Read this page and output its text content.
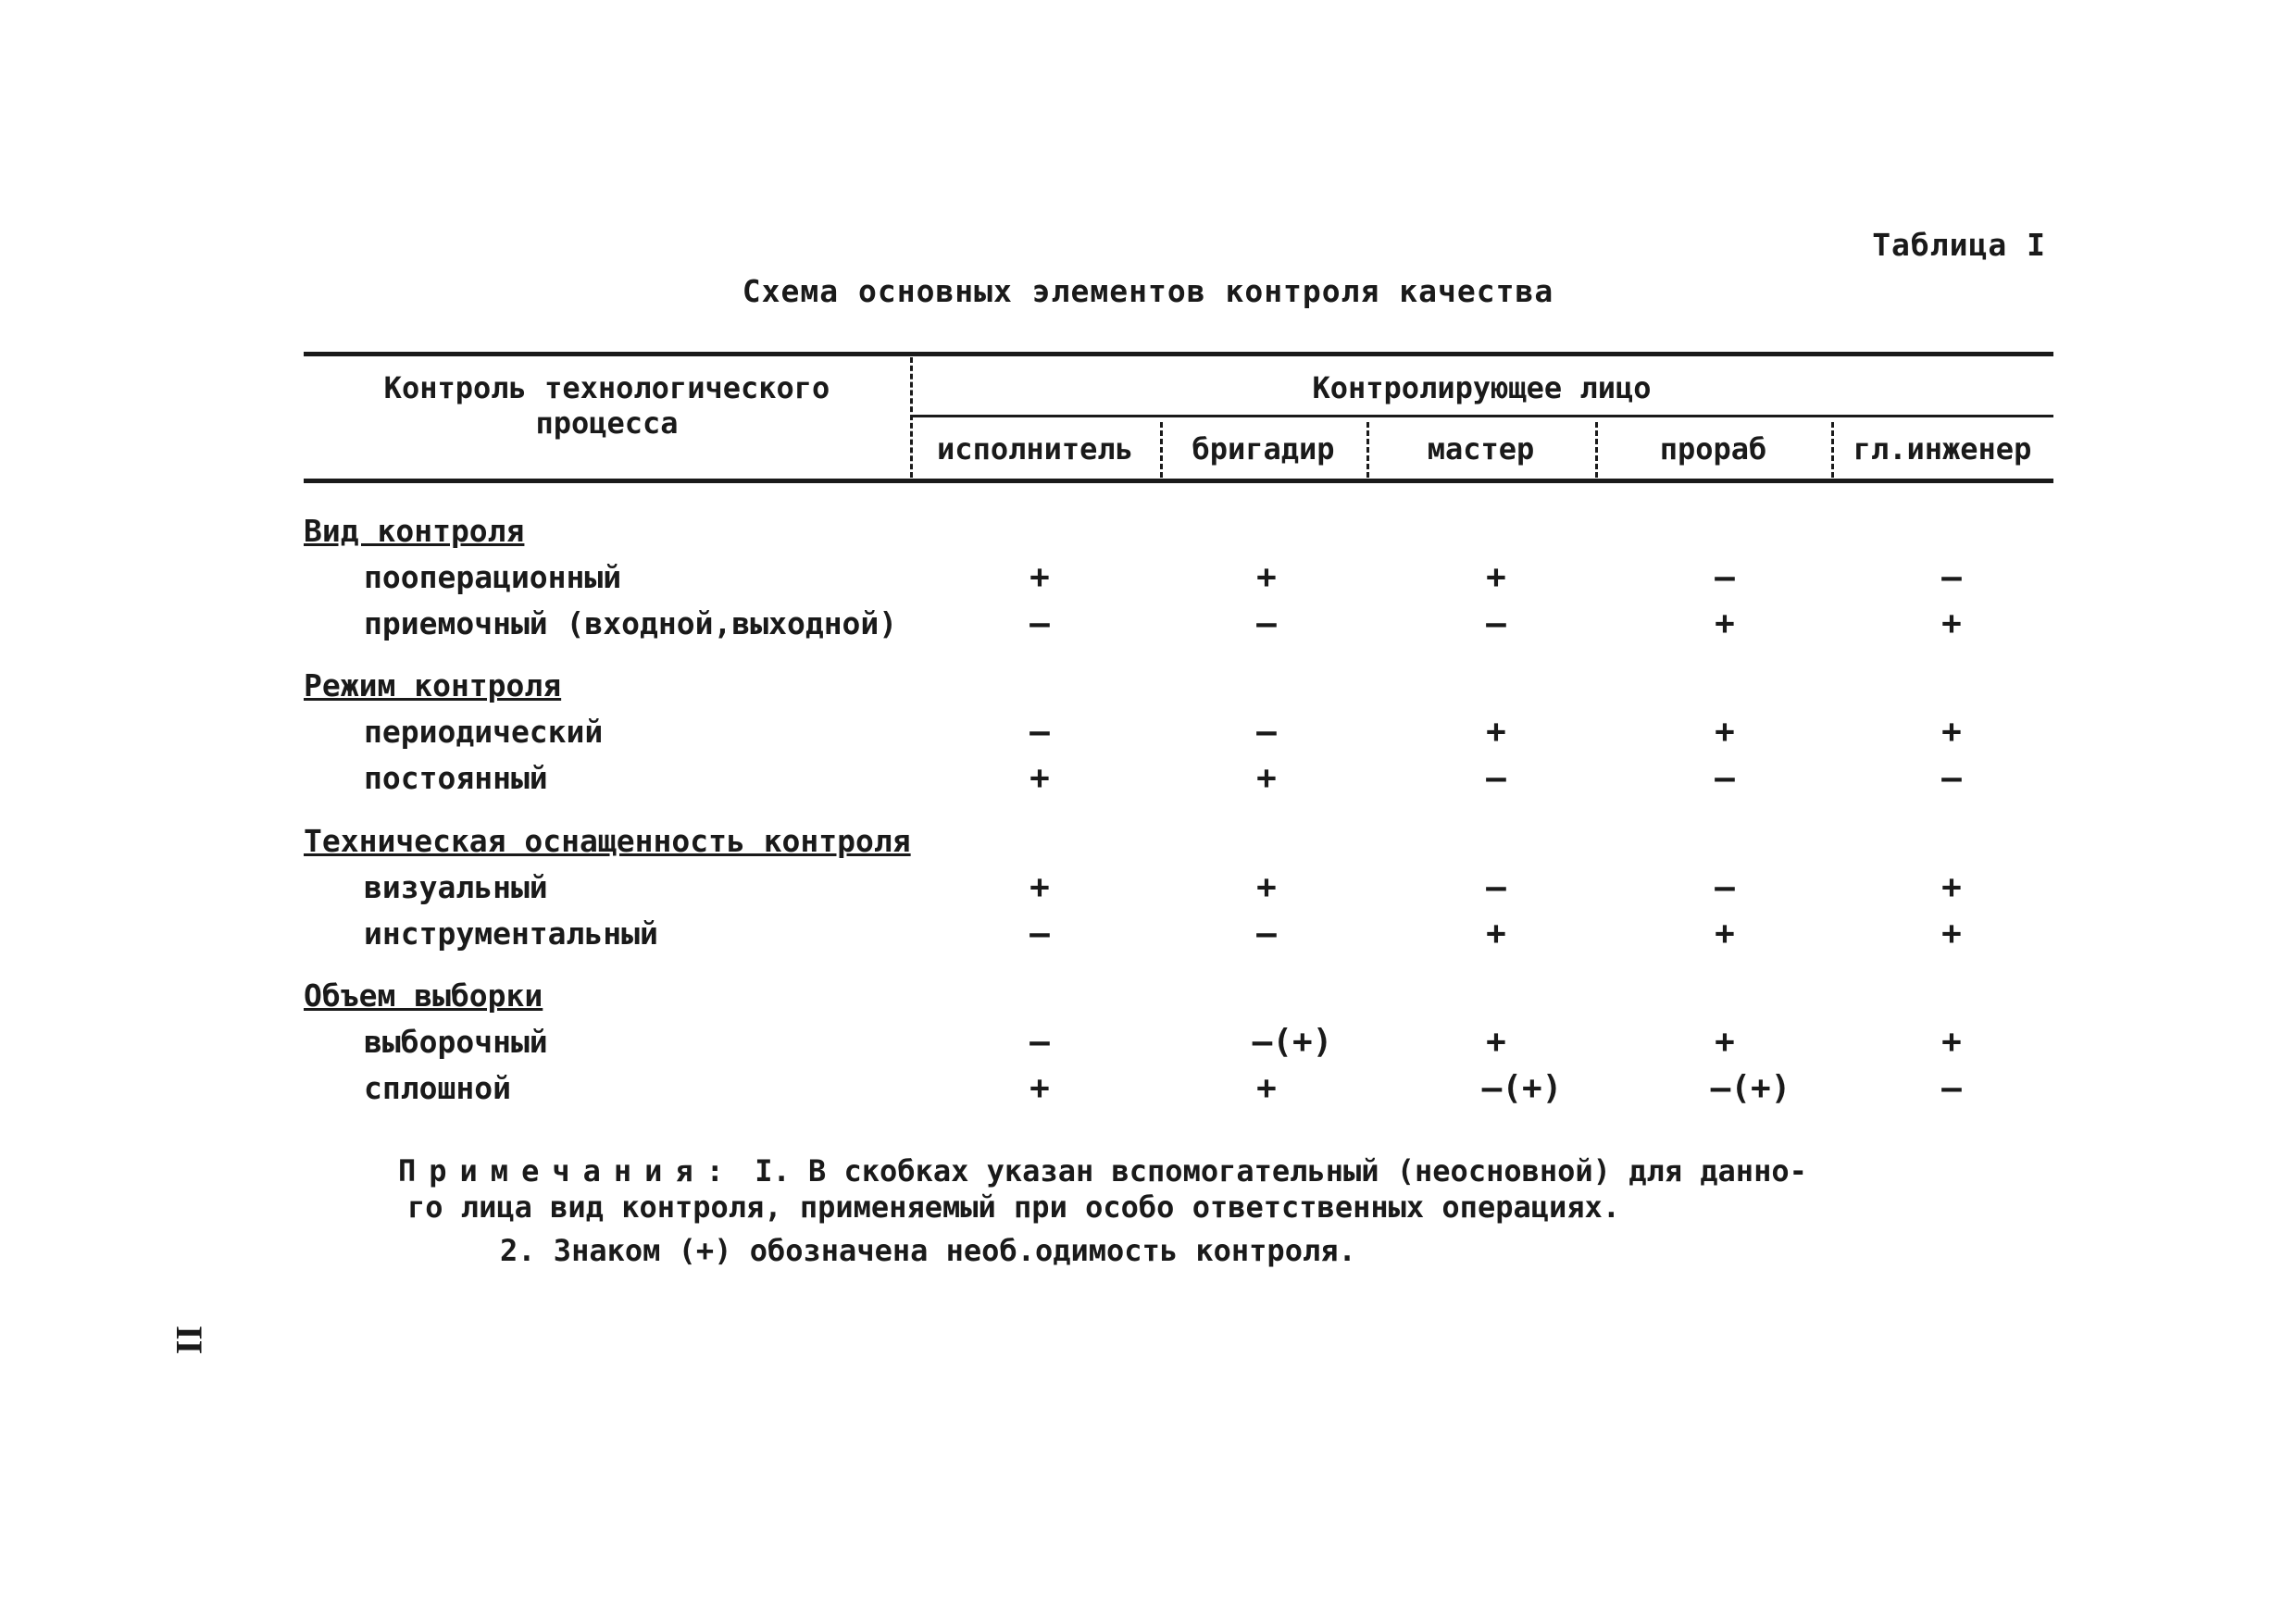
Таблица I
Схема основных элементов контроля качества
Контроль технологического процесса
Контролирующее лицо
исполнитель	бригадир	мастер	прораб	гл.инженер
Вид контроля
пооперационный	+	+	+	–	–
приемочный (входной,выходной)	–	–	–	+	+
Режим контроля
периодический	–	–	+	+	+
постоянный	+	+	–	–	–
Техническая оснащенность контроля
визуальный	+	+	–	–	+
инструментальный	–	–	+	+	+
Объем выборки
выборочный	–	–(+)	+	+	+
сплошной	+	+	–(+)	–(+)	–
Примечания: I. В скобках указан вспомогательный (неосновной) для данно-
го лица вид контроля, применяемый при особо ответственных операциях.
2. Знаком (+) обозначена необ.одимость контроля.
II
